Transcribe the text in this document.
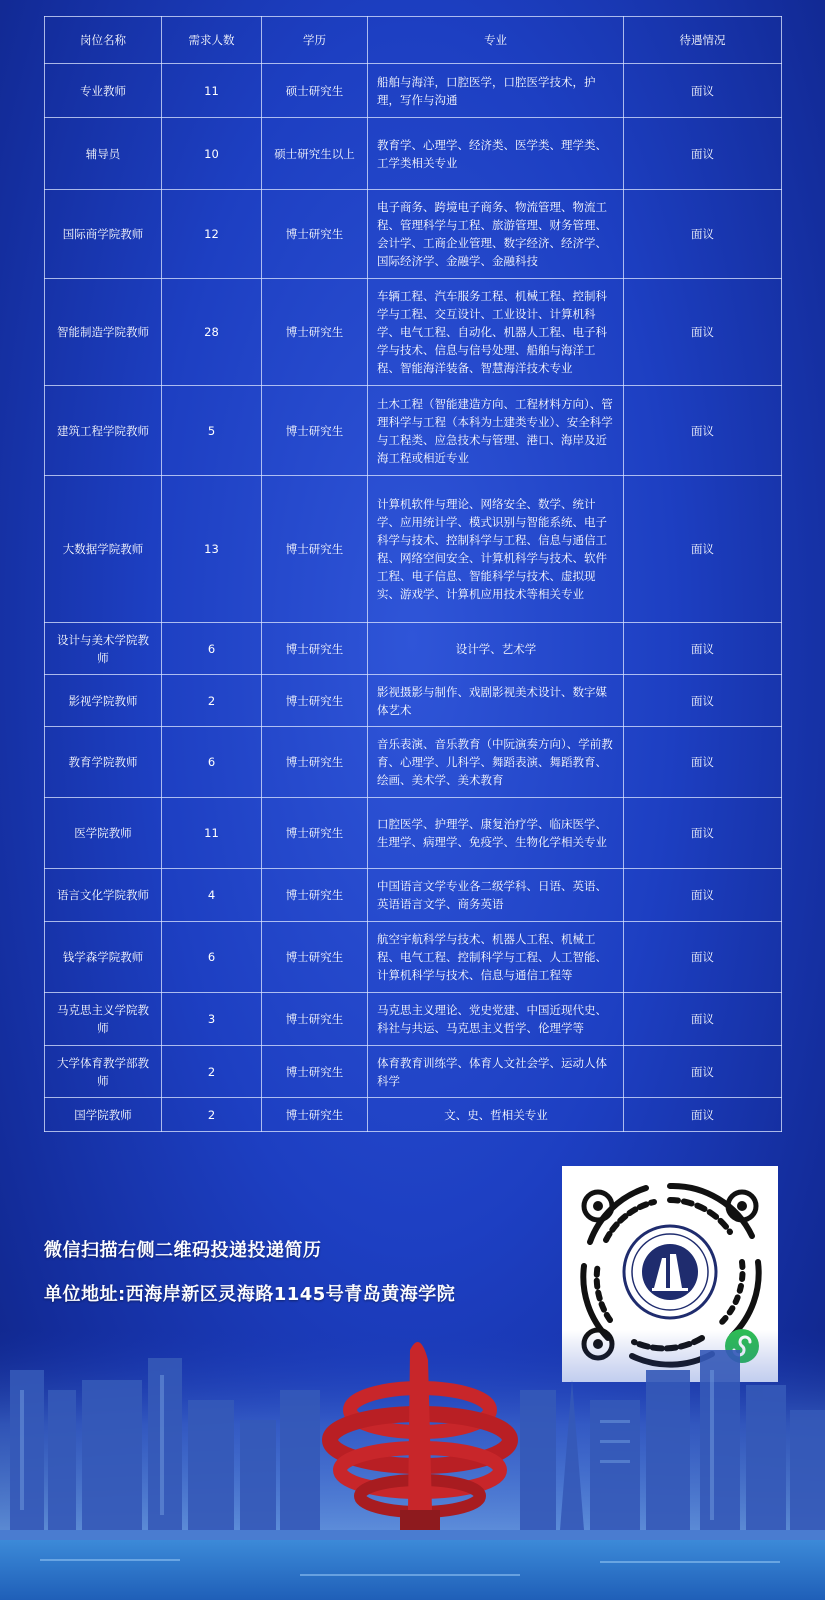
岗位名称	需求人数	学历	专业	待遇情况
专业教师	11	硕士研究生	船舶与海洋，口腔医学，口腔医学技术，护理，写作与沟通	面议
辅导员	10	硕士研究生以上	教育学、心理学、经济类、医学类、理学类、工学类相关专业	面议
国际商学院教师	12	博士研究生	电子商务、跨境电子商务、物流管理、物流工程、管理科学与工程、旅游管理、财务管理、会计学、工商企业管理、数字经济、经济学、国际经济学、金融学、金融科技	面议
智能制造学院教师	28	博士研究生	车辆工程、汽车服务工程、机械工程、控制科学与工程、交互设计、工业设计、计算机科学、电气工程、自动化、机器人工程、电子科学与技术、信息与信号处理、船舶与海洋工程、智能海洋装备、智慧海洋技术专业	面议
建筑工程学院教师	5	博士研究生	土木工程（智能建造方向、工程材料方向）、管理科学与工程（本科为土建类专业）、安全科学与工程类、应急技术与管理、港口、海岸及近海工程或相近专业	面议
大数据学院教师	13	博士研究生	计算机软件与理论、网络安全、数学、统计学、应用统计学、模式识别与智能系统、电子科学与技术、控制科学与工程、信息与通信工程、网络空间安全、计算机科学与技术、软件工程、电子信息、智能科学与技术、虚拟现实、游戏学、计算机应用技术等相关专业	面议
设计与美术学院教师	6	博士研究生	设计学、艺术学	面议
影视学院教师	2	博士研究生	影视摄影与制作、戏剧影视美术设计、数字媒体艺术	面议
教育学院教师	6	博士研究生	音乐表演、音乐教育（中阮演奏方向）、学前教育、心理学、儿科学、舞蹈表演、舞蹈教育、绘画、美术学、美术教育	面议
医学院教师	11	博士研究生	口腔医学、护理学、康复治疗学、临床医学、生理学、病理学、免疫学、生物化学相关专业	面议
语言文化学院教师	4	博士研究生	中国语言文学专业各二级学科、日语、英语、英语语言文学、商务英语	面议
钱学森学院教师	6	博士研究生	航空宇航科学与技术、机器人工程、机械工程、电气工程、控制科学与工程、人工智能、计算机科学与技术、信息与通信工程等	面议
马克思主义学院教师	3	博士研究生	马克思主义理论、党史党建、中国近现代史、科社与共运、马克思主义哲学、伦理学等	面议
大学体育教学部教师	2	博士研究生	体育教育训练学、体育人文社会学、运动人体科学	面议
国学院教师	2	博士研究生	文、史、哲相关专业	面议
微信扫描右侧二维码投递投递简历
单位地址:西海岸新区灵海路1145号青岛黄海学院
